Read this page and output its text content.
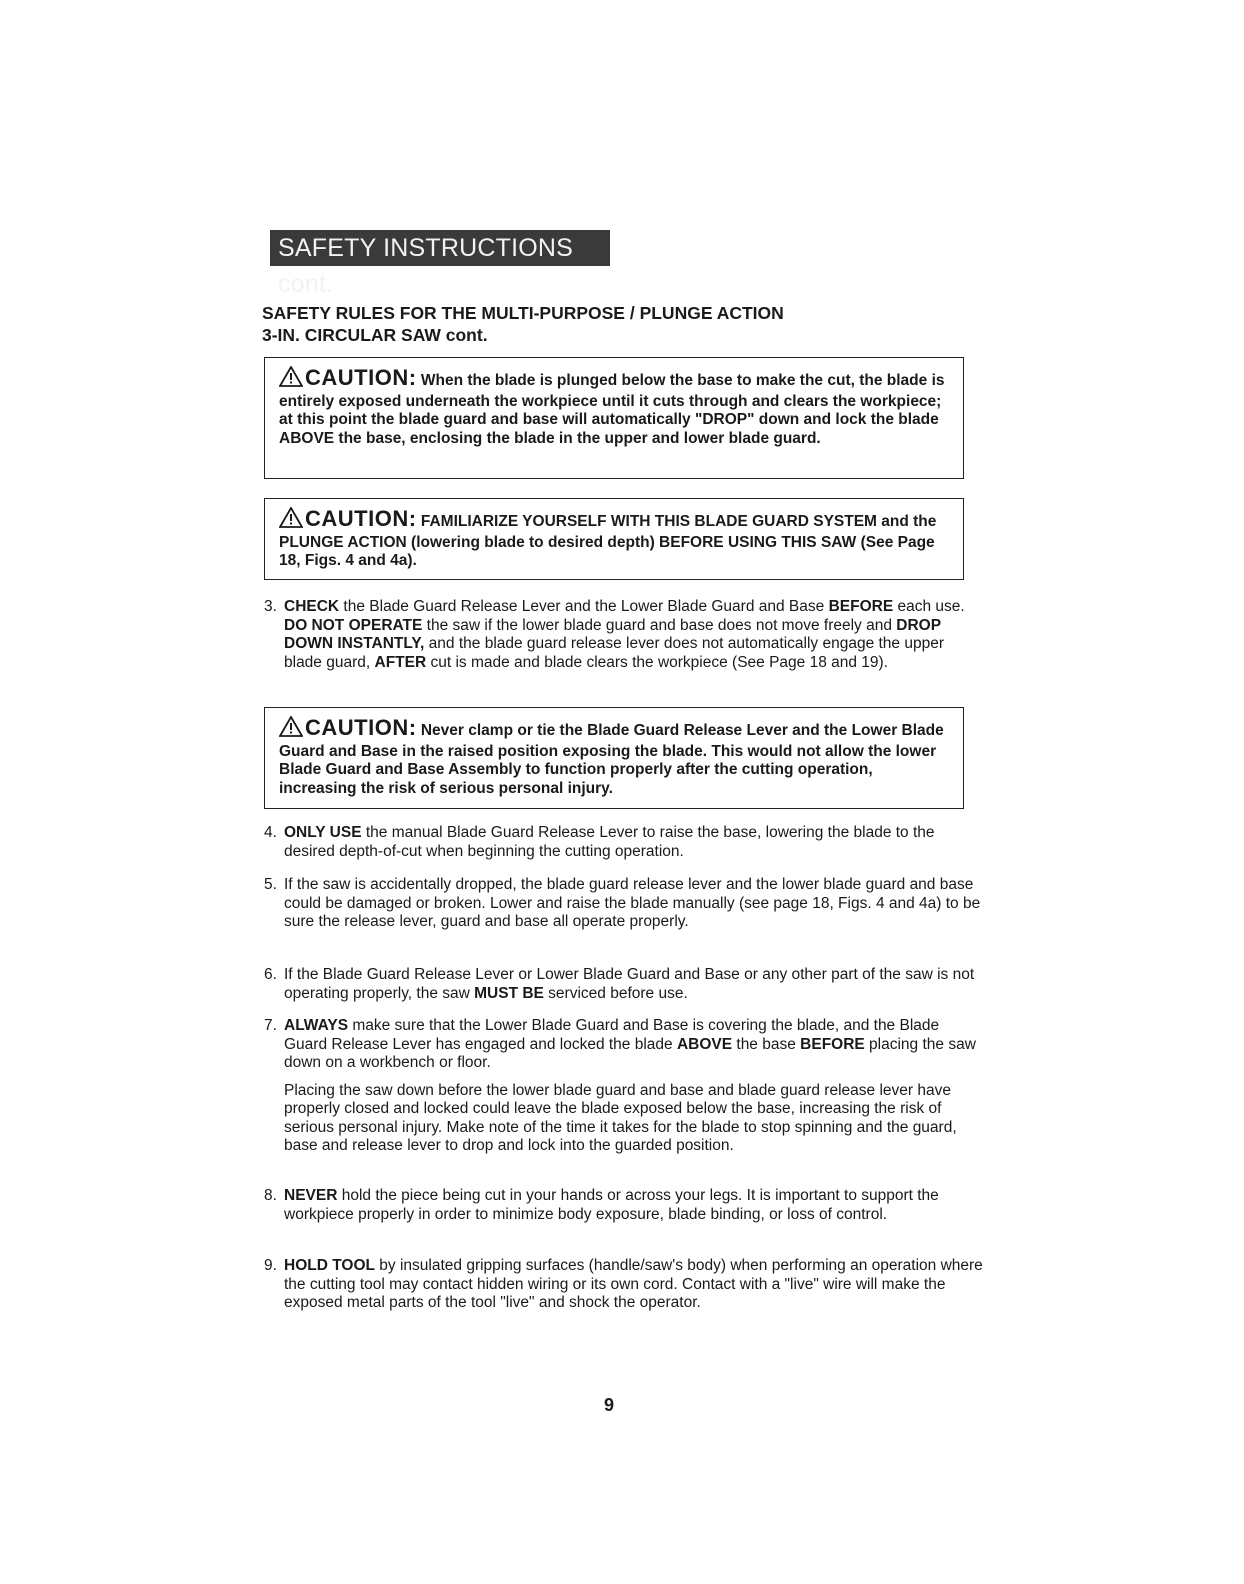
SAFETY INSTRUCTIONS cont.
SAFETY RULES FOR THE MULTI-PURPOSE / PLUNGE ACTION
3-IN. CIRCULAR SAW cont.
CAUTION: When the blade is plunged below the base to make the cut, the blade is entirely exposed underneath the workpiece until it cuts through and clears the workpiece; at this point the blade guard and base will automatically "DROP" down and lock the blade ABOVE the base, enclosing the blade in the upper and lower blade guard.
CAUTION: FAMILIARIZE YOURSELF WITH THIS BLADE GUARD SYSTEM and the PLUNGE ACTION (lowering blade to desired depth) BEFORE USING THIS SAW (See Page 18, Figs. 4 and 4a).
3. CHECK the Blade Guard Release Lever and the Lower Blade Guard and Base BEFORE each use. DO NOT OPERATE the saw if the lower blade guard and base does not move freely and DROP DOWN INSTANTLY, and the blade guard release lever does not automatically engage the upper blade guard, AFTER cut is made and blade clears the workpiece (See Page 18 and 19).
CAUTION: Never clamp or tie the Blade Guard Release Lever and the Lower Blade Guard and Base in the raised position exposing the blade. This would not allow the lower Blade Guard and Base Assembly to function properly after the cutting operation, increasing the risk of serious personal injury.
4. ONLY USE the manual Blade Guard Release Lever to raise the base, lowering the blade to the desired depth-of-cut when beginning the cutting operation.
5. If the saw is accidentally dropped, the blade guard release lever and the lower blade guard and base could be damaged or broken. Lower and raise the blade manually (see page 18, Figs. 4 and 4a) to be sure the release lever, guard and base all operate properly.
6. If the Blade Guard Release Lever or Lower Blade Guard and Base or any other part of the saw is not operating properly, the saw MUST BE serviced before use.
7. ALWAYS make sure that the Lower Blade Guard and Base is covering the blade, and the Blade Guard Release Lever has engaged and locked the blade ABOVE the base BEFORE placing the saw down on a workbench or floor.
Placing the saw down before the lower blade guard and base and blade guard release lever have properly closed and locked could leave the blade exposed below the base, increasing the risk of serious personal injury. Make note of the time it takes for the blade to stop spinning and the guard, base and release lever to drop and lock into the guarded position.
8. NEVER hold the piece being cut in your hands or across your legs. It is important to support the workpiece properly in order to minimize body exposure, blade binding, or loss of control.
9. HOLD TOOL by insulated gripping surfaces (handle/saw's body) when performing an operation where the cutting tool may contact hidden wiring or its own cord. Contact with a "live" wire will make the exposed metal parts of the tool "live" and shock the operator.
9
